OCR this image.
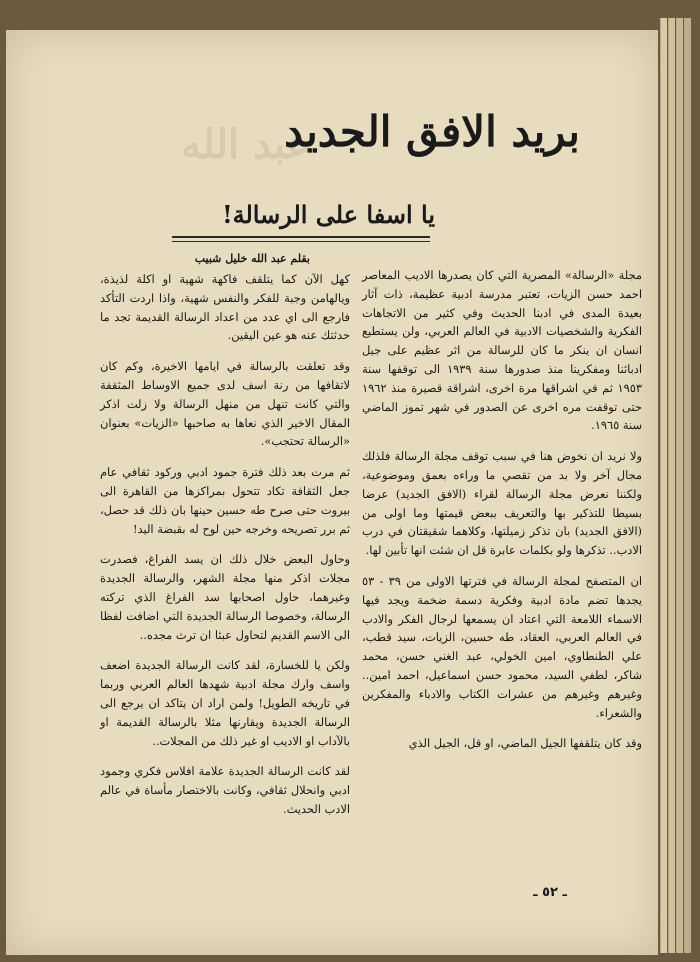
عبد الله
بريد الافق الجديد
يا اسفا على الرسالة!
بقلم عبد الله خليل شبيب

مجلة «الرسالة» المصرية التي كان يصدرها الاديب المعاصر احمد حسن الزيات، تعتبر مدرسة ادبية عظيمة، ذات آثار بعيدة المدى في ادبنا الحديث وفي كثير من الاتجاهات الفكرية والشخصيات الادبية في العالم العربي، ولن يستطيع انسان ان ينكر ما كان للرسالة من اثر عظيم على جيل ادبائنا ومفكرينا منذ صدورها سنة ١٩٣٩ الى توقفها سنة ١٩٥٣ ثم في اشراقها مرة اخرى، اشراقة قصيرة منذ ١٩٦٢ حتى توقفت مره اخرى عن الصدور في شهر تموز الماضي سنة ١٩٦٥.

ولا نريد ان نخوض هنا في سبب توقف مجلة الرسالة فلذلك مجال آخر ولا بد من تقصي ما وراءه بعمق وموضوعية، ولكننا نعرض مجلة الرسالة لقراء (الافق الجديد) عرضا بسيطا للتذكير بها والتعريف ببعض قيمتها وما اولى من (الافق الجديد) بان تذكر زميلتها، وكلاهما شقيقتان في درب الادب.. تذكرها ولو بكلمات عابرة قل ان شئت انها تأبين لها.

ان المتصفح لمجلة الرسالة في فترتها الاولى من ٣٩ - ٥٣ يجدها تضم مادة ادبية وفكرية دسمة ضخمة ويجد فيها الاسماء اللامعة التي اعتاد ان يسمعها لرجال الفكر والادب في العالم العربي، العقاد، طه حسين، الزيات، سيد قطب، علي الطنطاوي، امين الخولي، عبد الغني حسن، محمد شاكر، لطفي السيد، محمود حسن اسماعيل، احمد امين.. وغيرهم وغيرهم من عشرات الكتاب والادباء والمفكرين والشعراء.

وقد كان يتلقفها الجيل الماضي، او قل، الجيل الذي

كهل الآن كما يتلقف فاكهة شهية او اكلة لذيذة، ويالهامن وجبة للفكر والنفس شهية، واذا اردت التأكد فارجع الى اي عدد من اعداد الرسالة القديمة تجد ما حدثتك عنه هو عين اليقين.

وقد تعلقت بالرسالة في ايامها الاخيرة، وكم كان لاتقافها من رنة اسف لدى جميع الاوساط المثقفة والتي كانت تنهل من منهل الرسالة ولا زلت اذكر المقال الاخير الذي نعاها به صاحبها «الزيات» بعنوان «الرسالة تحتجب».

ثم مرت بعد ذلك فترة جمود ادبي وركود ثقافي عام جعل الثقافة تكاد تتحول بمراكزها من القاهرة الى بيروت حتى صرح طه حسين حينها بان ذلك قد حصل، ثم برر تصريحه وخرجه حين لوح له بقبضة اليد!

وحاول البعض خلال ذلك ان يسد الفراغ، فصدرت مجلات اذكر منها مجلة الشهر، والرسالة الجديدة وغيرهما، حاول اصحابها سد الفراغ الذي تركته الرسالة، وخصوصا الرسالة الجديدة التي اضافت لفظا الى الاسم القديم لتحاول عبثا ان ترث مجده..

ولكن يا للخسارة، لقد كانت الرسالة الجديدة اضعف واسف وارك مجلة ادبية شهدها العالم العربي وربما في تاريخه الطويل! ولمن اراد ان يتاكد ان يرجع الى الرسالة الجديدة ويقارنها مثلا بالرسالة القديمة او بالآداب او الاديب او غير ذلك من المجلات..

لقد كانت الرسالة الجديدة علامة افلاس فكري وجمود ادبي وانحلال ثقافي، وكانت بالاختصار مأساة في عالم الادب الحديث.

ـ ٥٢ ـ
